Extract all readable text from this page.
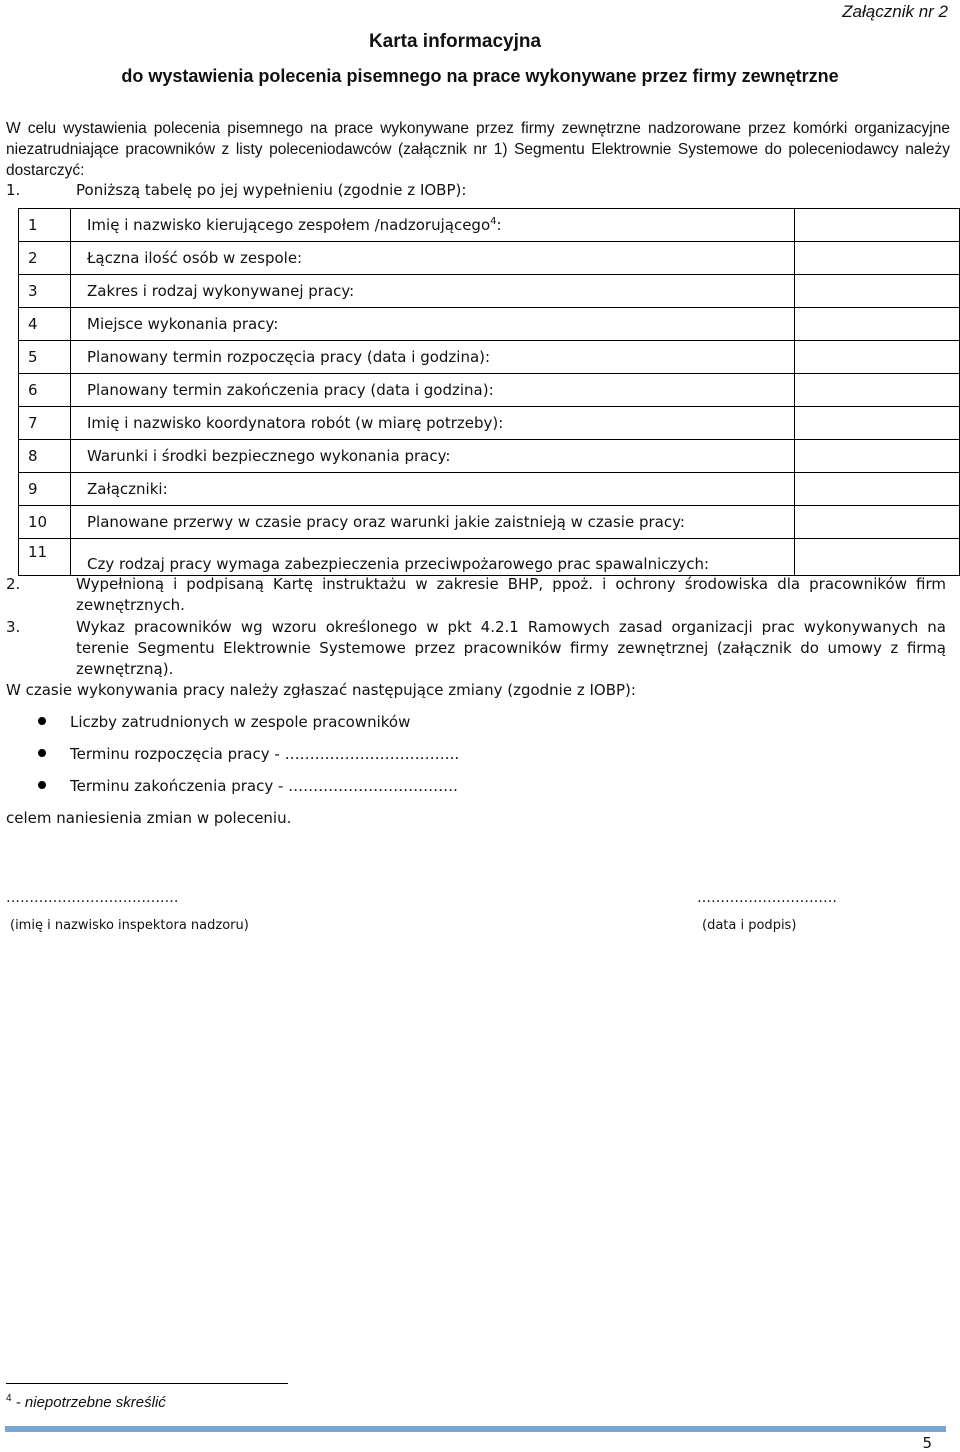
Załącznik nr 2
Karta informacyjna
do wystawienia polecenia pisemnego na prace wykonywane przez firmy zewnętrzne
W celu wystawienia polecenia pisemnego na prace wykonywane przez firmy zewnętrzne nadzorowane przez komórki organizacyjne niezatrudniające pracowników z listy poleceniodawców (załącznik nr 1) Segmentu Elektrownie Systemowe do poleceniodawcy należy dostarczyć:
1.	Poniższą tabelę po jej wypełnieniu (zgodnie z IOBP):
1	Imię i nazwisko kierującego zespołem /nadzorującego$^4$:	
2	Łączna ilość osób w zespole:	
3	Zakres i rodzaj wykonywanej pracy:	
4	Miejsce wykonania pracy:	
5	Planowany termin rozpoczęcia pracy (data i godzina):	
6	Planowany termin zakończenia pracy (data i godzina):	
7	Imię i nazwisko koordynatora robót (w miarę potrzeby):	
8	Warunki i środki bezpiecznego wykonania pracy:	
9	Załączniki:	
10	Planowane przerwy w czasie pracy oraz warunki jakie zaistnieją w czasie pracy:	
11	Czy rodzaj pracy wymaga zabezpieczenia przeciwpożarowego prac spawalniczych:	
2.	Wypełnioną i podpisaną Kartę instruktażu w zakresie BHP, ppoż. i ochrony środowiska dla pracowników firm zewnętrznych.
3.	Wykaz pracowników wg wzoru określonego w pkt 4.2.1 Ramowych zasad organizacji prac wykonywanych na terenie Segmentu Elektrownie Systemowe przez pracowników firmy zewnętrznej (załącznik do umowy z firmą zewnętrzną).
W czasie wykonywania pracy należy zgłaszać następujące zmiany (zgodnie z IOBP):
Liczby zatrudnionych w zespole pracowników
Terminu rozpoczęcia pracy - ……………………………..
Terminu zakończenia pracy - …………………………….
celem naniesienia zmian w poleceniu.
…………………………….…	…………………………
(imię i nazwisko inspektora nadzoru)	(data i podpis)
$^4$ - niepotrzebne skreślić
5
